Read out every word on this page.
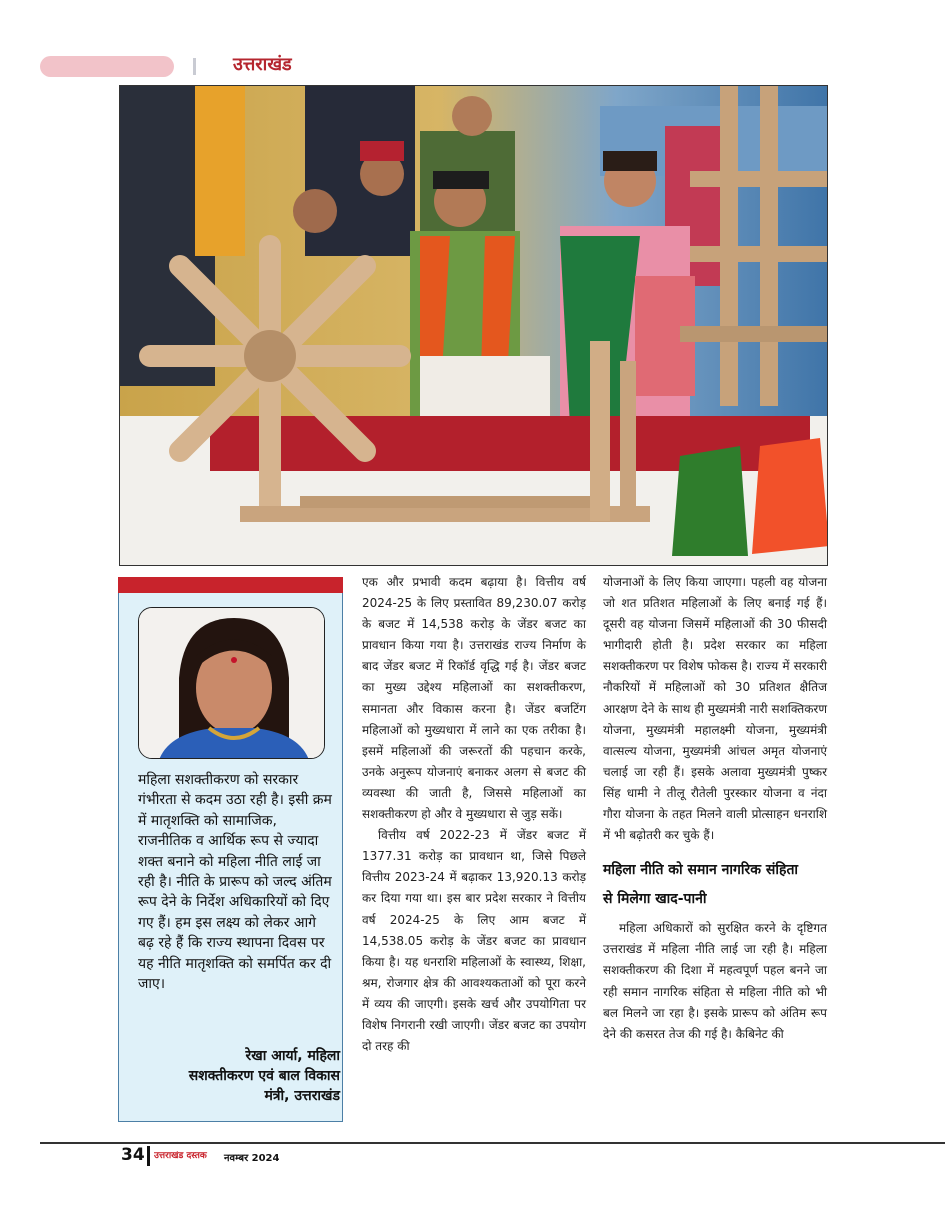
उत्तराखंड
महिला सशक्तीकरण को सरकार गंभीरता से कदम उठा रही है। इसी क्रम में मातृशक्ति को सामाजिक, राजनीतिक व आर्थिक रूप से ज्यादा शक्त बनाने को महिला नीति लाई जा रही है। नीति के प्रारूप को जल्द अंतिम रूप देने के निर्देश अधिकारियों को दिए गए हैं। हम इस लक्ष्य को लेकर आगे बढ़ रहे हैं कि राज्य स्थापना दिवस पर यह नीति मातृशक्ति को समर्पित कर दी जाए।
रेखा आर्या, महिला
सशक्तीकरण एवं बाल विकास
मंत्री, उत्तराखंड

एक और प्रभावी कदम बढ़ाया है। वित्तीय वर्ष 2024-25 के लिए प्रस्तावित 89,230.07 करोड़ के बजट में 14,538 करोड़ के जेंडर बजट का प्रावधान किया गया है। उत्तराखंड राज्य निर्माण के बाद जेंडर बजट में रिकॉर्ड वृद्धि गई है। जेंडर बजट का मुख्य उद्देश्य महिलाओं का सशक्तीकरण, समानता और विकास करना है। जेंडर बजटिंग महिलाओं को मुख्यधारा में लाने का एक तरीका है। इसमें महिलाओं की जरूरतों की पहचान करके, उनके अनुरूप योजनाएं बनाकर अलग से बजट की व्यवस्था की जाती है, जिससे महिलाओं का सशक्तीकरण हो और वे मुख्यधारा से जुड़ सकें।

वित्तीय वर्ष 2022-23 में जेंडर बजट में 1377.31 करोड़ का प्रावधान था, जिसे पिछले वित्तीय 2023-24 में बढ़ाकर 13,920.13 करोड़ कर दिया गया था। इस बार प्रदेश सरकार ने वित्तीय वर्ष 2024-25 के लिए आम बजट में 14,538.05 करोड़ के जेंडर बजट का प्रावधान किया है। यह धनराशि महिलाओं के स्वास्थ्य, शिक्षा, श्रम, रोजगार क्षेत्र की आवश्यकताओं को पूरा करने में व्यय की जाएगी। इसके खर्च और उपयोगिता पर विशेष निगरानी रखी जाएगी। जेंडर बजट का उपयोग दो तरह की

योजनाओं के लिए किया जाएगा। पहली वह योजना जो शत प्रतिशत महिलाओं के लिए बनाई गई हैं। दूसरी वह योजना जिसमें महिलाओं की 30 फीसदी भागीदारी होती है। प्रदेश सरकार का महिला सशक्तीकरण पर विशेष फोकस है। राज्य में सरकारी नौकरियों में महिलाओं को 30 प्रतिशत क्षैतिज आरक्षण देने के साथ ही मुख्यमंत्री नारी सशक्तिकरण योजना, मुख्यमंत्री महालक्ष्मी योजना, मुख्यमंत्री वात्सल्य योजना, मुख्यमंत्री आंचल अमृत योजनाएं चलाई जा रही हैं। इसके अलावा मुख्यमंत्री पुष्कर सिंह धामी ने तीलू रौतेली पुरस्कार योजना व नंदा गौरा योजना के तहत मिलने वाली प्रोत्साहन धनराशि में भी बढ़ोतरी कर चुके हैं।

महिला नीति को समान नागरिक संहिता
से मिलेगा खाद-पानी

महिला अधिकारों को सुरक्षित करने के दृष्टिगत उत्तराखंड में महिला नीति लाई जा रही है। महिला सशक्तीकरण की दिशा में महत्वपूर्ण पहल बनने जा रही समान नागरिक संहिता से महिला नीति को भी बल मिलने जा रहा है। इसके प्रारूप को अंतिम रूप देने की कसरत तेज की गई है। कैबिनेट की

34 उत्तराखंड दस्तक	नवम्बर 2024
